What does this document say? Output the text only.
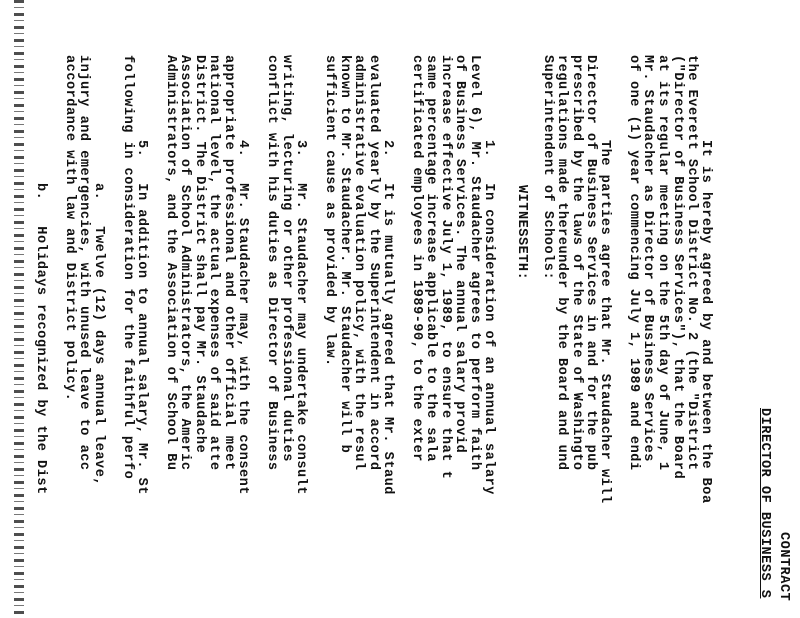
CONTRACT
DIRECTOR OF BUSINESS S
It is hereby agreed by and between the Boa
the Everett School District No. 2 (the "District
("Director of Business Services"), that the Board
at its regular meeting on the 5th day of June, 1
Mr. Staudacher as Director of Business Services
of one (1) year commencing July 1, 1989 and endi
The parties agree that Mr. Staudacher will
Director of Business Services in and for the pub
prescribed by the laws of the State of Washingto
regulations made thereunder by the Board and und
Superintendent of Schools:
WITNESSETH:
1.   In consideration of an annual salary
Level 6), Mr. Staudacher agrees to perform faith
of Business Services. The annual salary provid
increase effective July 1, 1989, to ensure that t
same percentage increase applicable to the sala
certificated employees in 1989-90, to the exter
2.   It is mutually agreed that Mr. Staud
evaluated yearly by the Superintendent in accord
administrative evaluation policy, with the resul
known to Mr. Staudacher. Mr. Staudacher will b
sufficient cause as provided by law.
3.   Mr. Staudacher may undertake consult
writing, lecturing or other professional duties
conflict with his duties as Director of Business
4.   Mr. Staudacher may, with the consent
appropriate professional and other official meet
national level, the actual expenses of said atte
District. The District shall pay Mr. Staudache
Association of School Administrators, the Americ
Administrators, and the Association of School Bu
5.   In addition to annual salary, Mr. St
following in consideration for the faithful perfo
a.   Twelve (12) days annual leave,
injury and emergencies, with unused leave to acc
accordance with law and District policy.
b.   Holidays recognized by the Dist
